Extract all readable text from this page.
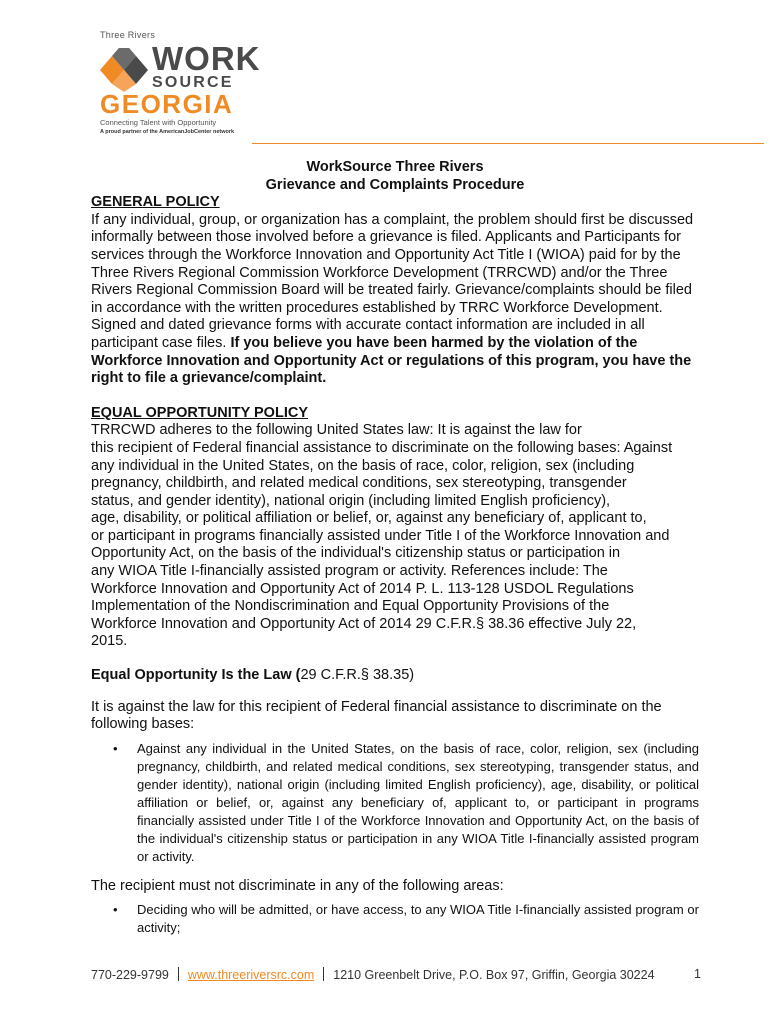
Three Rivers
WORK
SOURCE
GEORGIA
Connecting Talent with Opportunity
A proud partner of the AmericanJobCenter network
WorkSource Three Rivers
Grievance and Complaints Procedure
GENERAL POLICY

If any individual, group, or organization has a complaint, the problem should first be discussed informally between those involved before a grievance is filed. Applicants and Participants for services through the Workforce Innovation and Opportunity Act Title I (WIOA) paid for by the Three Rivers Regional Commission Workforce Development (TRRCWD) and/or the Three Rivers Regional Commission Board will be treated fairly. Grievance/complaints should be filed in accordance with the written procedures established by TRRC Workforce Development. Signed and dated grievance forms with accurate contact information are included in all participant case files. If you believe you have been harmed by the violation of the Workforce Innovation and Opportunity Act or regulations of this program, you have the right to file a grievance/complaint.

EQUAL OPPORTUNITY POLICY
TRRCWD adheres to the following United States law: It is against the law for
this recipient of Federal financial assistance to discriminate on the following bases: Against
any individual in the United States, on the basis of race, color, religion, sex (including
pregnancy, childbirth, and related medical conditions, sex stereotyping, transgender
status, and gender identity), national origin (including limited English proficiency),
age, disability, or political affiliation or belief, or, against any beneficiary of, applicant to,
or participant in programs financially assisted under Title I of the Workforce Innovation and
Opportunity Act, on the basis of the individual's citizenship status or participation in
any WIOA Title I-financially assisted program or activity. References include: The
Workforce Innovation and Opportunity Act of 2014 P. L. 113-128 USDOL Regulations
Implementation of the Nondiscrimination and Equal Opportunity Provisions of the
Workforce Innovation and Opportunity Act of 2014 29 C.F.R.§ 38.36 effective July 22,
2015.
Equal Opportunity Is the Law (29 C.F.R.§ 38.35)

It is against the law for this recipient of Federal financial assistance to discriminate on the following bases:

• Against any individual in the United States, on the basis of race, color, religion, sex (including pregnancy, childbirth, and related medical conditions, sex stereotyping, transgender status, and gender identity), national origin (including limited English proficiency), age, disability, or political affiliation or belief, or, against any beneficiary of, applicant to, or participant in programs financially assisted under Title I of the Workforce Innovation and Opportunity Act, on the basis of the individual's citizenship status or participation in any WIOA Title I-financially assisted program or activity.

The recipient must not discriminate in any of the following areas:

• Deciding who will be admitted, or have access, to any WIOA Title I-financially assisted program or activity;
770-229-9799 www.threeriversrc.com 1210 Greenbelt Drive, P.O. Box 97, Griffin, Georgia 30224	1
